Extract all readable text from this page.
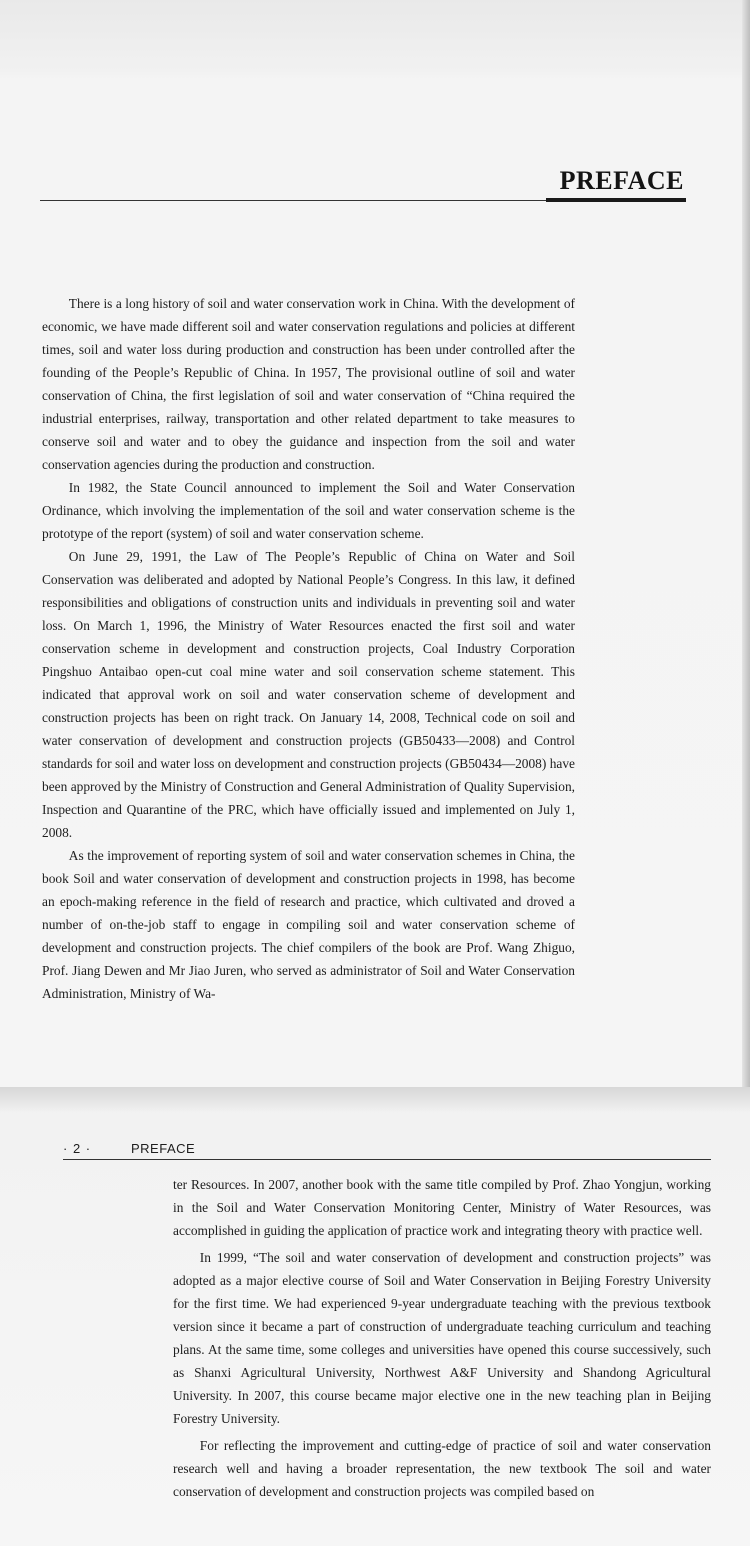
PREFACE

There is a long history of soil and water conservation work in China. With the development of economic, we have made different soil and water conservation regulations and policies at different times, soil and water loss during production and construction has been under controlled after the founding of the People’s Republic of China. In 1957, The provisional outline of soil and water conservation of China, the first legislation of soil and water conservation of “China required the industrial enterprises, railway, transportation and other related department to take measures to conserve soil and water and to obey the guidance and inspection from the soil and water conservation agencies during the production and construction.

In 1982, the State Council announced to implement the Soil and Water Conservation Ordinance, which involving the implementation of the soil and water conservation scheme is the prototype of the report (system) of soil and water conservation scheme.

On June 29, 1991, the Law of The People’s Republic of China on Water and Soil Conservation was deliberated and adopted by National People’s Congress. In this law, it defined responsibilities and obligations of construction units and individuals in preventing soil and water loss. On March 1, 1996, the Ministry of Water Resources enacted the first soil and water conservation scheme in development and construction projects, Coal Industry Corporation Pingshuo Antaibao open-cut coal mine water and soil conservation scheme statement. This indicated that approval work on soil and water conservation scheme of development and construction projects has been on right track. On January 14, 2008, Technical code on soil and water conservation of development and construction projects (GB50433—2008) and Control standards for soil and water loss on development and construction projects (GB50434—2008) have been approved by the Ministry of Construction and General Administration of Quality Supervision, Inspection and Quarantine of the PRC, which have officially issued and implemented on July 1, 2008.

As the improvement of reporting system of soil and water conservation schemes in China, the book Soil and water conservation of development and construction projects in 1998, has become an epoch-making reference in the field of research and practice, which cultivated and droved a number of on-the-job staff to engage in compiling soil and water conservation scheme of development and construction projects. The chief compilers of the book are Prof. Wang Zhiguo, Prof. Jiang Dewen and Mr Jiao Juren, who served as administrator of Soil and Water Conservation Administration, Ministry of Wa-

· 2 ·	PREFACE

ter Resources. In 2007, another book with the same title compiled by Prof. Zhao Yongjun, working in the Soil and Water Conservation Monitoring Center, Ministry of Water Resources, was accomplished in guiding the application of practice work and integrating theory with practice well.

In 1999, “The soil and water conservation of development and construction projects” was adopted as a major elective course of Soil and Water Conservation in Beijing Forestry University for the first time. We had experienced 9-year undergraduate teaching with the previous textbook version since it became a part of construction of undergraduate teaching curriculum and teaching plans. At the same time, some colleges and universities have opened this course successively, such as Shanxi Agricultural University, Northwest A&F University and Shandong Agricultural University. In 2007, this course became major elective one in the new teaching plan in Beijing Forestry University.

For reflecting the improvement and cutting-edge of practice of soil and water conservation research well and having a broader representation, the new textbook The soil and water conservation of development and construction projects was compiled based on
